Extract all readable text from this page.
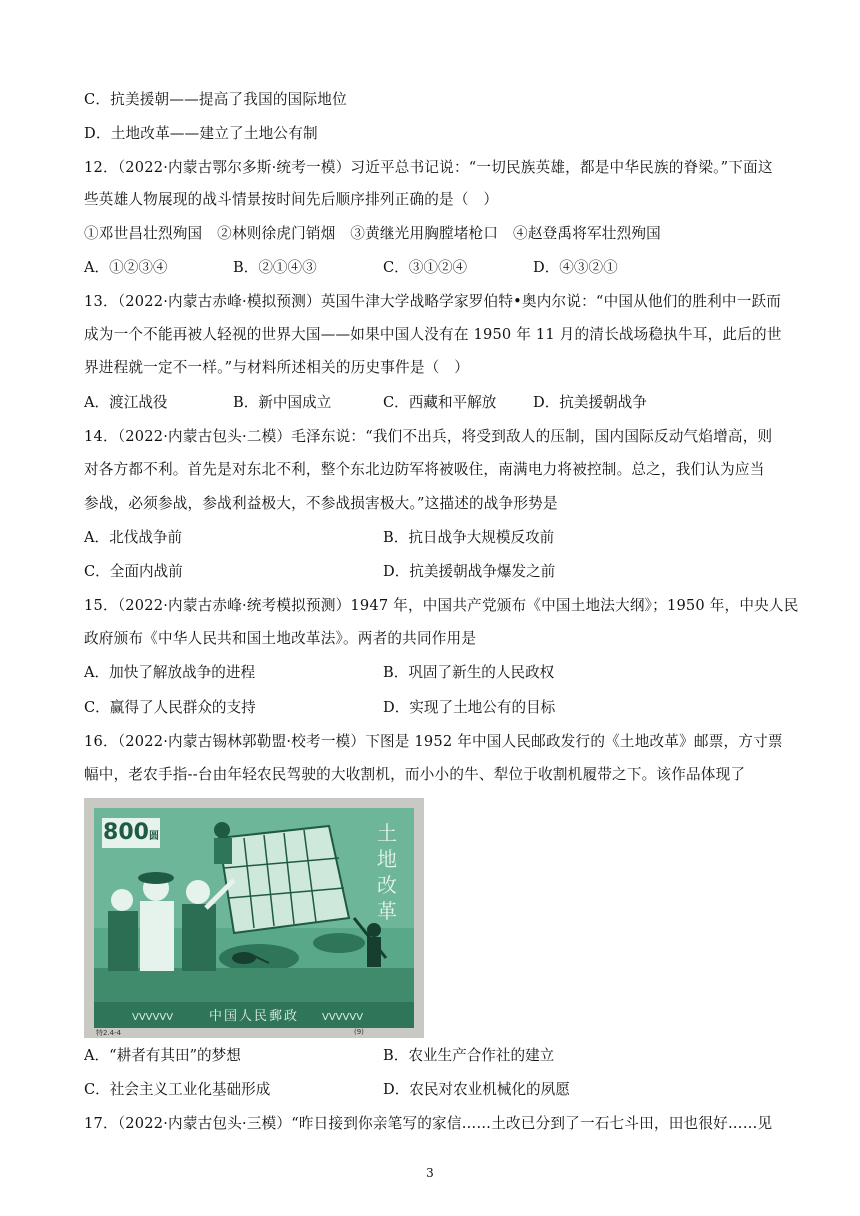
C．抗美援朝——提高了我国的国际地位
D．土地改革——建立了土地公有制
12．（2022·内蒙古鄂尔多斯·统考一模）习近平总书记说：“一切民族英雄，都是中华民族的脊梁。”下面这
些英雄人物展现的战斗情景按时间先后顺序排列正确的是（　）
①邓世昌壮烈殉国　②林则徐虎门销烟　③黄继光用胸膛堵枪口　④赵登禹将军壮烈殉国
A．①②③④	B．②①④③	C．③①②④	D．④③②①
13．（2022·内蒙古赤峰·模拟预测）英国牛津大学战略学家罗伯特•奥内尔说：“中国从他们的胜利中一跃而
成为一个不能再被人轻视的世界大国——如果中国人没有在 1950 年 11 月的清长战场稳执牛耳，此后的世
界进程就一定不一样。”与材料所述相关的历史事件是（　）
A．渡江战役	B．新中国成立	C．西藏和平解放	D．抗美援朝战争
14．（2022·内蒙古包头·二模）毛泽东说：“我们不出兵，将受到敌人的压制，国内国际反动气焰增高，则
对各方都不利。首先是对东北不利，整个东北边防军将被吸住，南满电力将被控制。总之，我们认为应当
参战，必须参战，参战利益极大，不参战损害极大。”这描述的战争形势是
A．北伐战争前	B．抗日战争大规模反攻前
C．全面内战前	D．抗美援朝战争爆发之前
15．（2022·内蒙古赤峰·统考模拟预测）1947 年，中国共产党颁布《中国土地法大纲》；1950 年，中央人民
政府颁布《中华人民共和国土地改革法》。两者的共同作用是
A．加快了解放战争的进程	B．巩固了新生的人民政权
C．赢得了人民群众的支持	D．实现了土地公有的目标
16．（2022·内蒙古锡林郭勒盟·校考一模）下图是 1952 年中国人民邮政发行的《土地改革》邮票，方寸票
幅中，老农手指--台由年轻农民驾驶的大收割机，而小小的牛、犁位于收割机履带之下。该作品体现了
VVVVVV	VVVVVV
800圆	土
地
改
革
中国人民郵政
特2.4-4	(9)
A．“耕者有其田”的梦想	B．农业生产合作社的建立
C．社会主义工业化基础形成	D．农民对农业机械化的夙愿
17．（2022·内蒙古包头·三模）“昨日接到你亲笔写的家信……土改已分到了一石七斗田，田也很好……见
3
